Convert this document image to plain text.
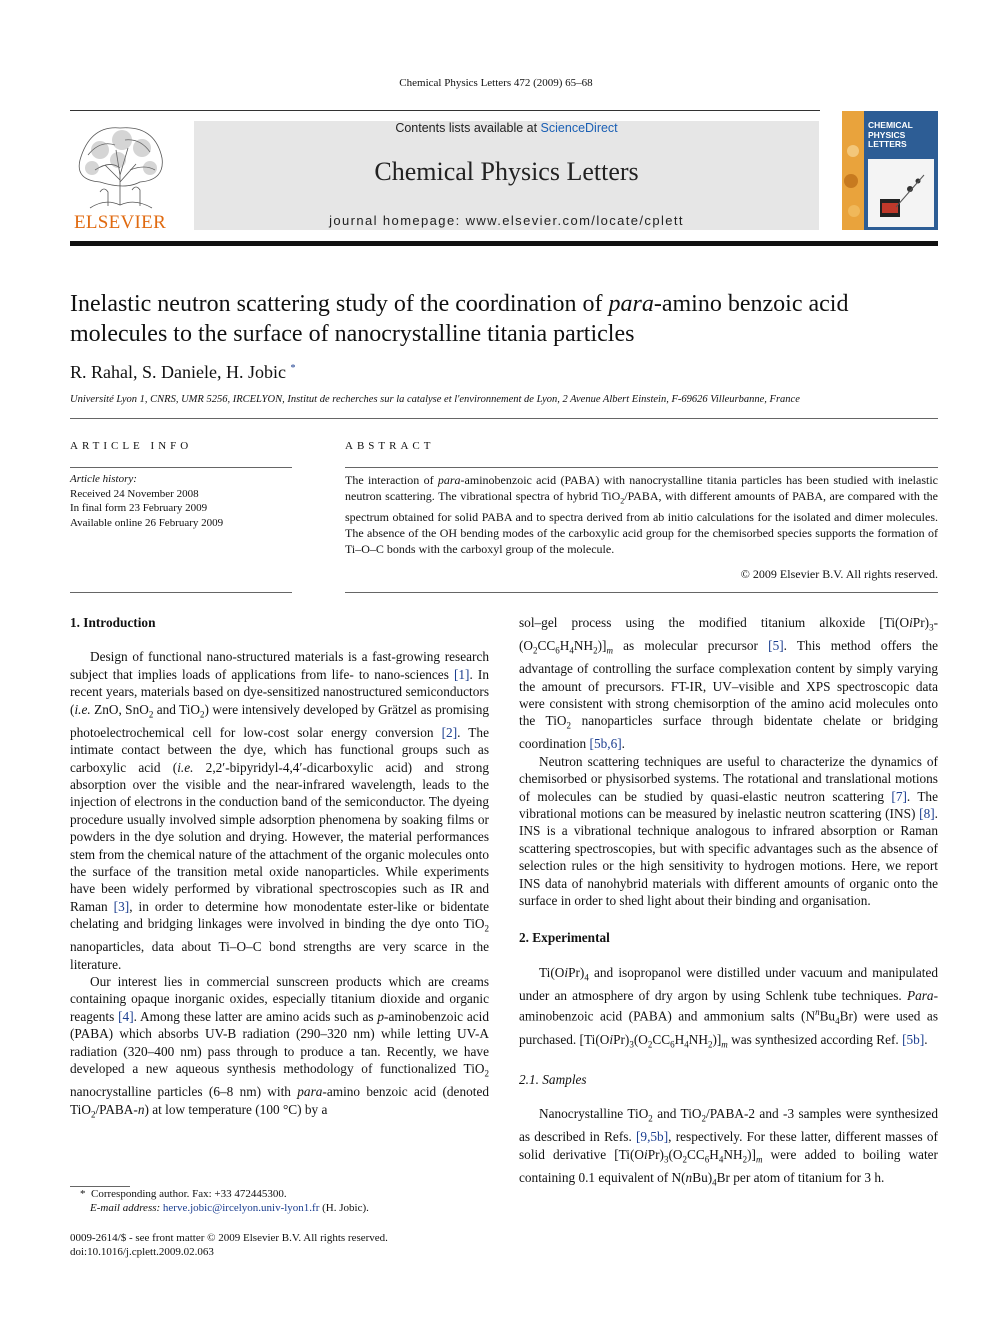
Chemical Physics Letters 472 (2009) 65–68
ELSEVIER
Contents lists available at ScienceDirect
Chemical Physics Letters
journal homepage: www.elsevier.com/locate/cplett
CHEMICAL
PHYSICS
LETTERS
Inelastic neutron scattering study of the coordination of para-amino benzoic acid molecules to the surface of nanocrystalline titania particles
R. Rahal, S. Daniele, H. Jobic *
Université Lyon 1, CNRS, UMR 5256, IRCELYON, Institut de recherches sur la catalyse et l'environnement de Lyon, 2 Avenue Albert Einstein, F-69626 Villeurbanne, France
ARTICLE INFO
Article history:
Received 24 November 2008
In final form 23 February 2009
Available online 26 February 2009
ABSTRACT
The interaction of para-aminobenzoic acid (PABA) with nanocrystalline titania particles has been studied with inelastic neutron scattering. The vibrational spectra of hybrid TiO$_2$/PABA, with different amounts of PABA, are compared with the spectrum obtained for solid PABA and to spectra derived from ab initio calculations for the isolated and dimer molecules. The absence of the OH bending modes of the carboxylic acid group for the chemisorbed species supports the formation of Ti–O–C bonds with the carboxyl group of the molecule.
© 2009 Elsevier B.V. All rights reserved.

1. Introduction

Design of functional nano-structured materials is a fast-growing research subject that implies loads of applications from life- to nano-sciences [1]. In recent years, materials based on dye-sensitized nanostructured semiconductors (i.e. ZnO, SnO$_2$ and TiO$_2$) were intensively developed by Grätzel as promising photoelectrochemical cell for low-cost solar energy conversion [2]. The intimate contact between the dye, which has functional groups such as carboxylic acid (i.e. 2,2′-bipyridyl-4,4′-dicarboxylic acid) and strong absorption over the visible and the near-infrared wavelength, leads to the injection of electrons in the conduction band of the semiconductor. The dyeing procedure usually involved simple adsorption phenomena by soaking films or powders in the dye solution and drying. However, the material performances stem from the chemical nature of the attachment of the organic molecules onto the surface of the transition metal oxide nanoparticles. While experiments have been widely performed by vibrational spectroscopies such as IR and Raman [3], in order to determine how monodentate ester-like or bidentate chelating and bridging linkages were involved in binding the dye onto TiO$_2$ nanoparticles, data about Ti–O–C bond strengths are very scarce in the literature.

Our interest lies in commercial sunscreen products which are creams containing opaque inorganic oxides, especially titanium dioxide and organic reagents [4]. Among these latter are amino acids such as p-aminobenzoic acid (PABA) which absorbs UV-B radiation (290–320 nm) while letting UV-A radiation (320–400 nm) pass through to produce a tan. Recently, we have developed a new aqueous synthesis methodology of functionalized TiO$_2$ nanocrystalline particles (6–8 nm) with para-amino benzoic acid (denoted TiO$_2$/PABA-n) at low temperature (100 °C) by a

* Corresponding author. Fax: +33 472445300.
E-mail address: herve.jobic@ircelyon.univ-lyon1.fr (H. Jobic).
0009-2614/$ - see front matter © 2009 Elsevier B.V. All rights reserved.
doi:10.1016/j.cplett.2009.02.063

sol–gel process using the modified titanium alkoxide $[Ti(OiPr)_3-(O_2CC_6H_4NH_2)]_m$ as molecular precursor [5]. This method offers the advantage of controlling the surface complexation content by simply varying the amount of precursors. FT-IR, UV–visible and XPS spectroscopic data were consistent with strong chemisorption of the amino acid molecules onto the TiO$_2$ nanoparticles surface through bidentate chelate or bridging coordination [5b,6].

Neutron scattering techniques are useful to characterize the dynamics of chemisorbed or physisorbed systems. The rotational and translational motions of molecules can be studied by quasi-elastic neutron scattering [7]. The vibrational motions can be measured by inelastic neutron scattering (INS) [8]. INS is a vibrational technique analogous to infrared absorption or Raman scattering spectroscopies, but with specific advantages such as the absence of selection rules or the high sensitivity to hydrogen motions. Here, we report INS data of nanohybrid materials with different amounts of organic onto the surface in order to shed light about their binding and organisation.

2. Experimental

$Ti(OiPr)_4$ and isopropanol were distilled under vacuum and manipulated under an atmosphere of dry argon by using Schlenk tube techniques. Para-aminobenzoic acid (PABA) and ammonium salts $(N^nBu_4Br)$ were used as purchased. $[Ti(OiPr)_3(O_2CC_6H_4NH_2)]_m$ was synthesized according Ref. [5b].

2.1. Samples

Nanocrystalline TiO$_2$ and TiO$_2$/PABA-2 and -3 samples were synthesized as described in Refs. [9,5b], respectively. For these latter, different masses of solid derivative $[Ti(OiPr)_3(O_2CC_6H_4NH_2)]_m$ were added to boiling water containing 0.1 equivalent of $N(nBu)_4Br$ per atom of titanium for 3 h.
